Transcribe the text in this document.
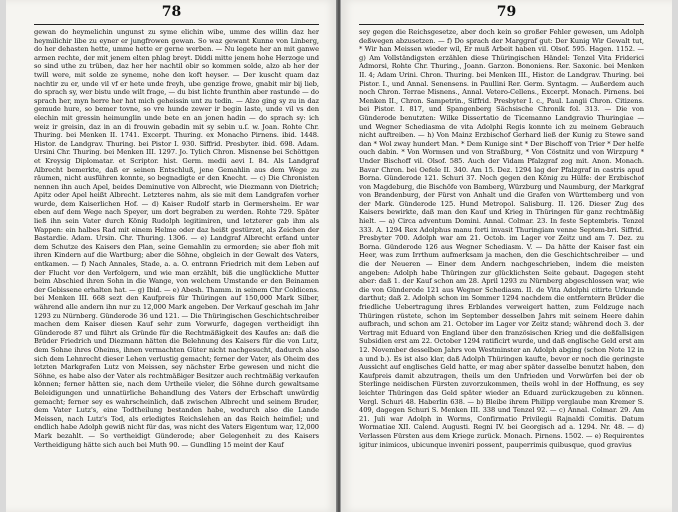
78

gewan do heymelichin ungunst zu syme elichin wibe, umme des willin daz her heymilichir libe zu eyner er jungfrowen gewan. So waz gewant Kunne von Linberg, do her dehasten hette, umme hette er gerne werben. — Nu legete her an mit ganwe armen rechte, der mit jenem elten phlag breyt. Diddi mitte jenem hohe Herzoge und so sind uthe zu trüben, daz her her nachtil obir so kommen solde, alzo ab her der twill were, mit solde ze syneme, nohe den koft heyser. — Der kuscht quam daz nachtir zu er, unde vil vf er hete unde freyh, ube genzige frowe, gnabit mir bij lieb, do sprach sy, wer bistu unde wilt frage, — du bist lichte frunthin aber rastunde — do sprach her, myn herre her hat mich geheissin unt zu tedin. — Alzo ging sy zu in daz gemude hure, so bemer tovne, so vre hunde zewer ir begin laste, unde vil vs den elechin mit gressin heimunglin unde bete en an jonen hadin — do sprach sy: ich weiz ir greisin, daz in an di frouwin gebadin mit sy sebin u.ſ. w. Joan. Rohte Chr. Thuring. bei Menken II. 1741. Excerpt. Thuring. ex Monacho Pirnens. ibid. 1448. Histor. de Landgrav. Thuring. bei Pistor I. 930. Siffrid. Presbyter. ibid. 698. Adam. Ursini Chr. Thuring. bei Menken III. 1297. Jo. Tylich Chron. Misnense bei Schöttgen et Kreysig Diplomatar. et Scriptor. hist. Germ. medii aevi I. 84. Als Landgraf Albrecht bemerkte, daß er seinen Entschluß, jene Gemahlin aus dem Wege zu räumen, nicht ausführen konnte, so begnadigte er den Knecht. — c) Die Chronisten nennen ihn auch Apel, beides Deminutive von Albrecht, wie Diezmann von Dietrich; Apitz oder Apel heißt Albrecht. Letzteres nahm, als sie mit dem Landgrafen vorher wurde, dem Kaiserlichen Hof. — d) Kaiser Rudolf starb in Germersheim. Er war eben auf dem Wege nach Speyer, um dort begraben zu werden. Rohte 729. Später ließ ihn sein Vater durch König Rudolph legitimiren, und letzterer gab ihm als Wappen: ein halbes Rad mit einem Helme oder daz heißt gestürzet, als Zeichen der Bastardie. Adam. Ursin. Chr. Thuring. 1306. — e) Landgraf Albrecht erfand unter dem Schutze des Kaisers den Plan, seine Gemahlin zu ermorden; sie aber floh mit ihren Kindern auf die Wartburg; aber die Söhne, obgleich in der Gewalt des Vaters, entkamen. — f) Nach Annales, Stade, a. a. O. entrann Friedrich mit dem Leben auf der Flucht vor den Verfolgern, und wie man erzählt, biß die unglückliche Mutter beim Abschied ihren Sohn in die Wange, von welchem Umstande er den Beinamen der Gebissene erhalten hat. — g) Ibid. — e) Abesh. Thamm. in seinem Chr Coldicens. bei Menken III. 668 sezt den Kaufpreis für Thüringen auf 150,000 Mark Silber, während alle andern ihn nur zu 12,000 Mark angeben. Der Verkauf geschah im Jahr 1293 zu Nürnberg. Günderode 36 und 121. — Die Thüringischen Geschichtschreiber machen dem Kaiser diesen Kauf sehr zum Vorwurfe, dagegen vertheidigt ihn Günderode 87 und führt als Gründe für die Rechtmäßigkeit des Kaufes an: daß die Brüder Friedrich und Diezmann hätten die Belehnung des Kaisers für die von Lutz, dem Sohne ihres Oheims, ihnen vermachten Güter nicht nachgesucht, dadurch also sich dem Lehnrecht dieser Lehen verlustig gemacht; ferner der Vater, als Oheim des letzten Markgrafen Lutz von Meissen, sey nächster Erbe gewesen und nicht die Söhne, es habe also der Vater als rechtmäßiger Besitzer auch rechtmäßig verkaufen können; ferner hätten sie, nach dem Urtheile vieler, die Söhne durch gewaltsame Beleidigungen und unnatürliche Behandlung des Vaters der Erbschaft unwürdig gemacht; ferner sey es wahrscheinlich, daß zwischen Albrecht und seinem Bruder, dem Vater Lutz's, eine Todtheilung bestanden habe, wodurch also die Lande Meissen, nach Lutz's Tod, als erledigtes Reichslehen an das Reich heimfiel; und endlich habe Adolph gewiß nicht für das, was nicht des Vaters Eigentum war, 12,000 Mark bezahlt. — So vertheidigt Günderode; aber Gelegenheit zu des Kaisers Vertheidigung hätte sich auch bei Muth 90. — Gundling 15 meint der Kauf

79

sey gegen die Reichsgesetze, aber doch kein so großer Fehler gewesen, um Adolph deßwegen abzusetzen. — f) Do sprach der Marggraf gut: Der Kunig Wir Gewalt tut, * Wir han Meissen wieder wil, Er muß Arbeit haben vil. Olsof. 595. Hagen. 1152. — g) Am Vollständigsten erzählen diese Thüringischen Händel: Tenzel Vita Friderici Admorsi, Rohte Chr. Thuring., Joann. Garzon. Bononiens. Rer. Saxonic. bei Menken II. 4; Adam Urini. Chron. Thuring. bei Menken III., Histor. de Landgrav. Thuring. bei Pistor. I., und Annal. Senensens. in Paullini Rer. Germ. Syntagm. — Außerdem auch noch Chron. Terrae Misnens., Annal. Vetero-Cellens., Excerpt. Monach. Pirnens. bei Menken II., Chron. Sampetrin., Siffrid. Presbyter I. c., Paul. Langii Chron. Citizens. bei Pistor. I. 817, und Spangenberg Sächsische Chronik fol. 313. — Die von Günderode benutzten: Wilke Dissertatio de Ticemanno Landgravio Thuringiae — und Wegner Schediasma de vita Adolphi Regis konnte ich zu meinem Gebrauch nicht auftreiben. — h) Von Mainz Erzbischof Gerhard ließ der Kunig zu Stewe sand dan * Wol zway hundert Man. * Dem Kunige sint * Der Bischoff von Trier * Der helfe ouch dabin. * Von Wormsen und von Straßburg, * Von Cöstnitz und von Wirzpurg * Under Bischoff vil. Olsof. 585. Auch der Vidam Pfalzgraf zog mit. Anon. Monach. Bavar Chron. bei Oefele II. 340. Am 15. Dez. 1294 lag der Pfalzgraf in castris apud Borna. Günderode 121. Schuri 37. Noch gegen den König zu Hülfe: der Erzbischof von Magdeburg, die Bischöfe von Bamberg, Würzburg und Naumburg, der Markgraf von Brandenburg, der Fürst von Anhalt und die Grafen von Württemberg und von der Mark. Günderode 125. Hund Metropol. Salisburg. II. 126. Dieser Zug des Kaisers bewirkte, daß man den Kauf und Krieg in Thüringen für ganz rechtmäßig hielt. — a) Circa adventum Domini. Annal. Colmar. 23. In feste Septembris. Tenzel 333. A. 1294 Rex Adolphus manu forti invasit Thuringiam venne Septem-bri. Siffrid. Presbyter 700. Adolph war am 21. Octob. im Lager vor Zeitz und am 7. Dez. zu Borna. Günderode 126 aus Wegner Schediasm. V. — Da hätte der Kaiser fast ein Heer, was zum Irrthum aufmerksam ja machen, den die Geschichtschreiber — und die der Neueren — Einer dem Andern nachgeschrieben, indem die meisten angeben: Adolph habe Thüringen zur glücklichsten Seite gebaut. Dagegen steht aber: daß 1. der Kauf schon am 28. April 1293 zu Nürnberg abgeschlossen war, wie die von Günderode 121 aus Wegner Schediasm. II. de Vita Adolphi citirte Urkunde darthut; daß 2. Adolph schon im Sommer 1294 nachdem die entferntern Brüder die friedliche Uebertragung ihres Erblandes verweigert hatten, zum Feldzuge nach Thüringen rüstete, schon im September desselben Jahrs mit seinem Heere dahin aufbrach, und schon am 21. October im Lager vor Zeitz stand; während doch 3. der Vertrag mit Eduard von England über den französischen Krieg und die deßfallsigen Subsidien erst am 22. October 1294 ratificirt wurde, und daß englische Geld erst am 12. November desselben Jahrs von Westminster an Adolph abging (schon Note 12 in a und b.). Es ist also klar, daß Adolph Thüringen kaufte, bevor er noch die geringste Aussicht auf englisches Geld hatte, er mag aber später dasselbe benutzt haben, den Kaufpreis damit abzutragen, theils um den Unfrieden und Vorwürfen bei der ob Sterlinge neidischen Fürsten zuvorzukommen, theils wohl in der Hoffnung, es sey leichter Thüringen das Geld später wieder an Eduard zurückzugeben zu können. Vergl. Schuri 48. Haberlin 638. — b) Bleibe ihrem Philipp verglaube man Kremer S. 409, dagegen Schuri S. Menken III. 338 und Tenzel 92. — c) Annal. Colmar. 29. Am 21. Juli war Adolph in Worms, Confirmatio Privilegii Rajnaldi Comitis. Datum Wormatiae XII. Calend. Augusti. Regni IV. bei Georgisch ad a. 1294. Nr. 48. — d) Verlassen Fürsten aus dem Kriege zurück. Monach. Pirnens. 1502. — e) Requirentes igitur inimicos, ubicunque inveniri possent, pauperrimis quibusque, quod gravius
